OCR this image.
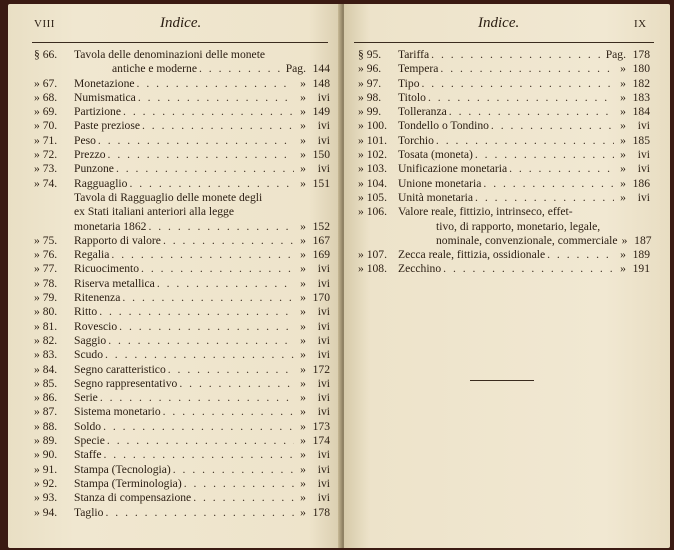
VIII	Indice.
§ 66.	Tavola delle denominazioni delle monete
antiche e moderne . . .	Pag. 144
» 67.	Monetazione . . .	» 148
» 68.	Numismatica . . .	»	ivi
» 69.	Partizione . . .	» 149
» 70.	Paste preziose . . .	»	ivi
» 71.	Peso . . .	»	ivi
» 72.	Prezzo . . .	» 150
» 73.	Punzone . . .	»	ivi
» 74.	Ragguaglio . . .	» 151
Tavola di Ragguaglio delle monete degli
ex Stati italiani anteriori alla legge
monetaria 1862 . . .	» 152
» 75.	Rapporto di valore . . .	» 167
» 76.	Regalia . . .	» 169
» 77.	Ricuocimento . . .	»	ivi
» 78.	Riserva metallica . . .	»	ivi
» 79.	Ritenenza . . .	» 170
» 80.	Ritto . . .	»	ivi
» 81.	Rovescio . . .	»	ivi
» 82.	Saggio . . .	»	ivi
» 83.	Scudo . . .	»	ivi
» 84.	Segno caratteristico . . .	» 172
» 85.	Segno rappresentativo . . .	»	ivi
» 86.	Serie . . .	»	ivi
» 87.	Sistema monetario . . .	»	ivi
» 88.	Soldo . . .	» 173
» 89.	Specie . . .	» 174
» 90.	Staffe . . .	»	ivi
» 91.	Stampa (Tecnologia) . . .	»	ivi
» 92.	Stampa (Terminologia) . . .	»	ivi
» 93.	Stanza di compensazione . . .	»	ivi
» 94.	Taglio . . .	» 178
Indice.	IX
§ 95.	Tariffa . . .	Pag. 178
» 96.	Tempera . . .	» 180
» 97.	Tipo . . .	» 182
» 98.	Titolo . . .	» 183
» 99.	Tolleranza . . .	» 184
» 100. Tondello o Tondino . . .	»	ivi
» 101. Torchio . . .	» 185
» 102. Tosata (moneta) . . .	»	ivi
» 103. Unificazione monetaria . . .	»	ivi
» 104. Unione monetaria . . .	» 186
» 105. Unità monetaria . . .	»	ivi
» 106. Valore reale, fittizio, intrinseco, effet-
tivo, di rapporto, monetario, legale,
nominale, convenzionale, commerciale » 187
» 107. Zecca reale, fittizia, ossidionale . . .	» 189
» 108. Zecchino . . .	» 191
